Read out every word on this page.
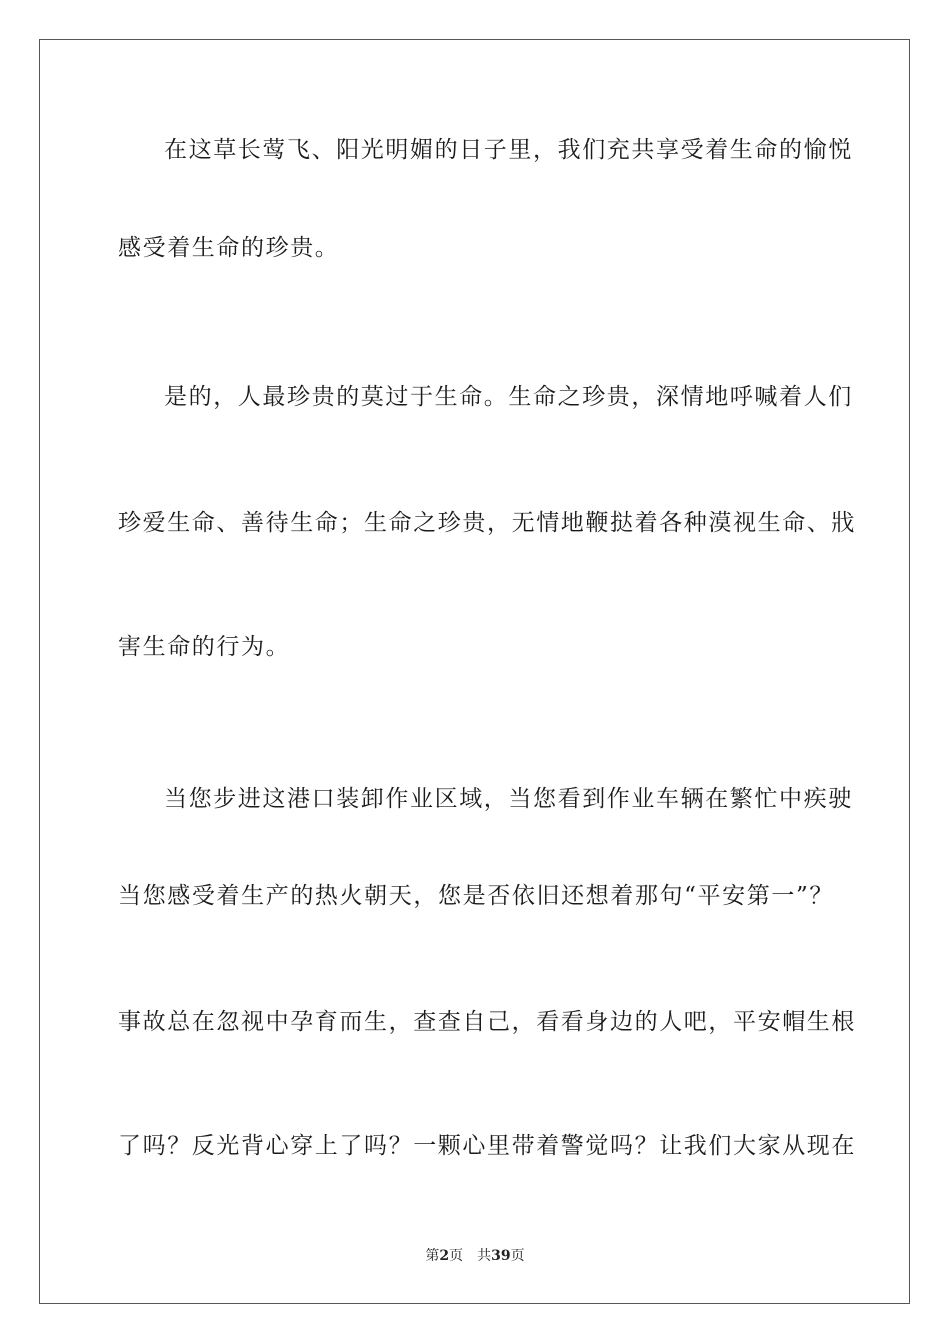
在这草长莺飞、阳光明媚的日子里，我们充共享受着生命的愉悦
感受着生命的珍贵。
是的，人最珍贵的莫过于生命。生命之珍贵，深情地呼喊着人们
珍爱生命、善待生命；生命之珍贵，无情地鞭挞着各种漠视生命、戕
害生命的行为。
当您步进这港口装卸作业区域，当您看到作业车辆在繁忙中疾驶
当您感受着生产的热火朝天，您是否依旧还想着那句“平安第一”？
事故总在忽视中孕育而生，查查自己，看看身边的人吧，平安帽生根
了吗？反光背心穿上了吗？一颗心里带着警觉吗？让我们大家从现在
第2页 共39页
